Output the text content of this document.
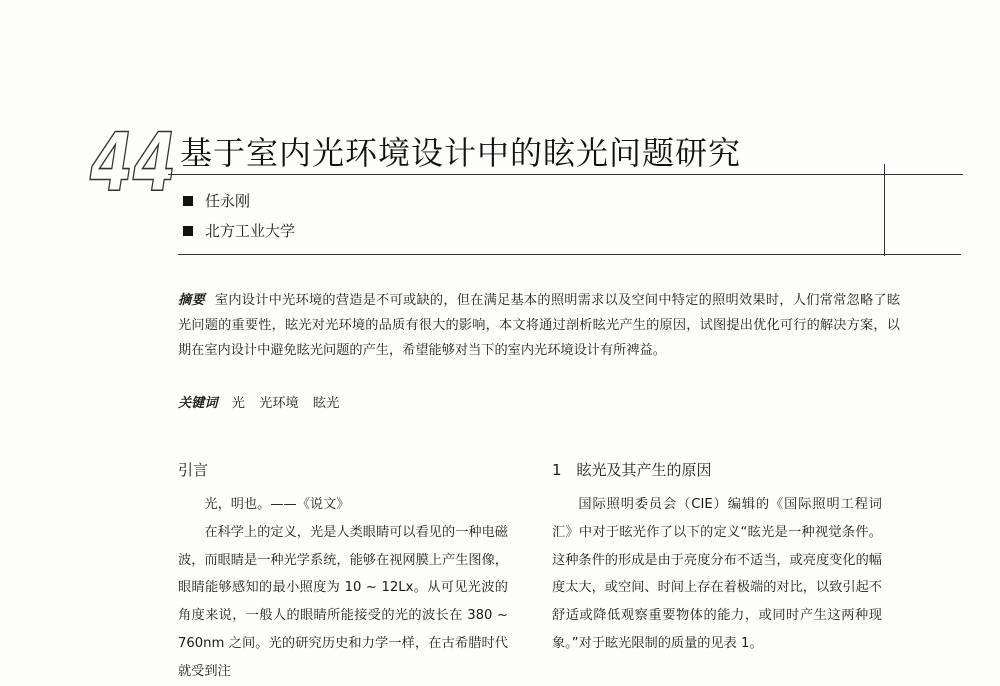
44 基于室内光环境设计中的眩光问题研究
任永刚
北方工业大学

摘要 室内设计中光环境的营造是不可或缺的，但在满足基本的照明需求以及空间中特定的照明效果时，人们常常忽略了眩光问题的重要性，眩光对光环境的品质有很大的影响，本文将通过剖析眩光产生的原因，试图提出优化可行的解决方案，以期在室内设计中避免眩光问题的产生，希望能够对当下的室内光环境设计有所裨益。

关键词 光 光环境 眩光
引言	1　眩光及其产生的原因

光，明也。——《说文》

在科学上的定义，光是人类眼睛可以看见的一种电磁波，而眼睛是一种光学系统，能够在视网膜上产生图像，眼睛能够感知的最小照度为 10 ~ 12Lx。从可见光波的角度来说，一般人的眼睛所能接受的光的波长在 380 ~ 760nm 之间。光的研究历史和力学一样，在古希腊时代就受到注

国际照明委员会（CIE）编辑的《国际照明工程词汇》中对于眩光作了以下的定义“眩光是一种视觉条件。这种条件的形成是由于亮度分布不适当，或亮度变化的幅度太大，或空间、时间上存在着极端的对比，以致引起不舒适或降低观察重要物体的能力，或同时产生这两种现象。”对于眩光限制的质量的见表 1。
